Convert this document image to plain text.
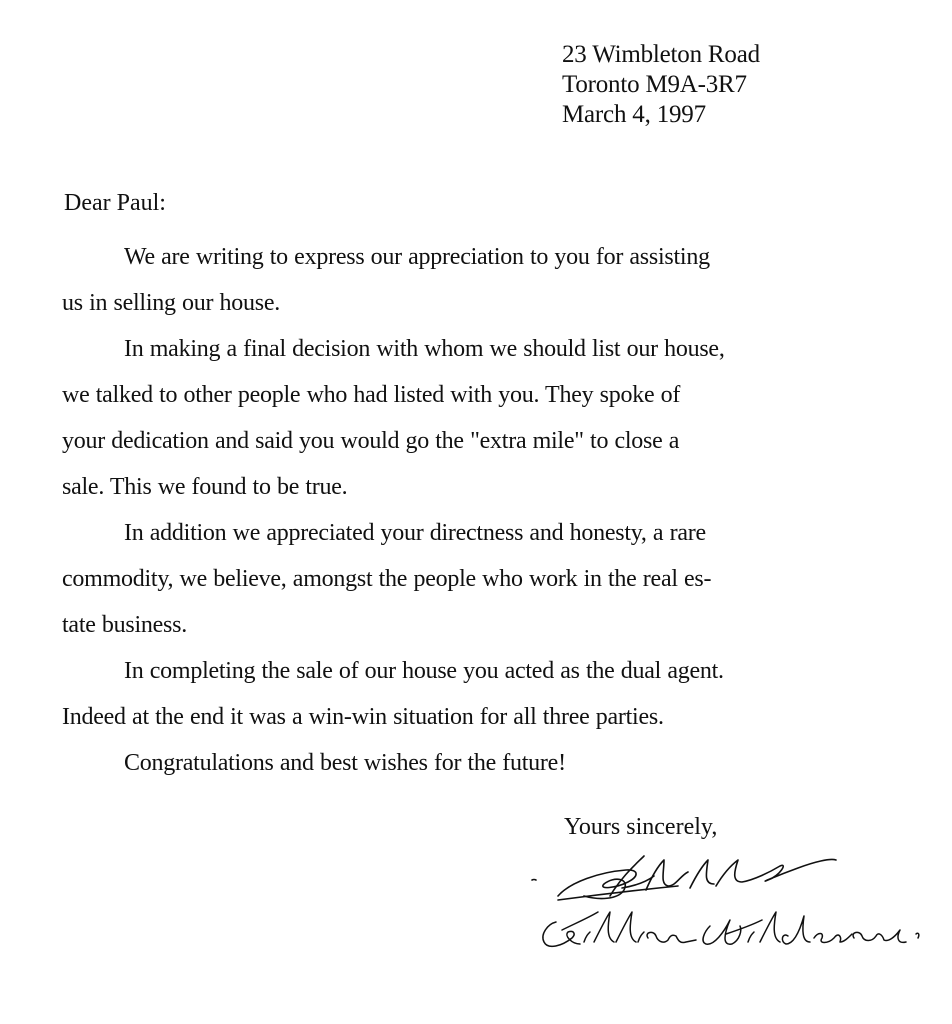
23 Wimbleton Road
Toronto M9A-3R7
March 4, 1997
Dear Paul:
We are writing to express our appreciation to you for assisting
us in selling our house.
In making a final decision with whom we should list our house,
we talked to other people who had listed with you. They spoke of
your dedication and said you would go the "extra mile" to close a
sale. This we found to be true.
In addition we appreciated your directness and honesty, a rare
commodity, we believe, amongst the people who work in the real es-
tate business.
In completing the sale of our house you acted as the dual agent.
Indeed at the end it was a win-win situation for all three parties.
Congratulations and best wishes for the future!
Yours sincerely,
